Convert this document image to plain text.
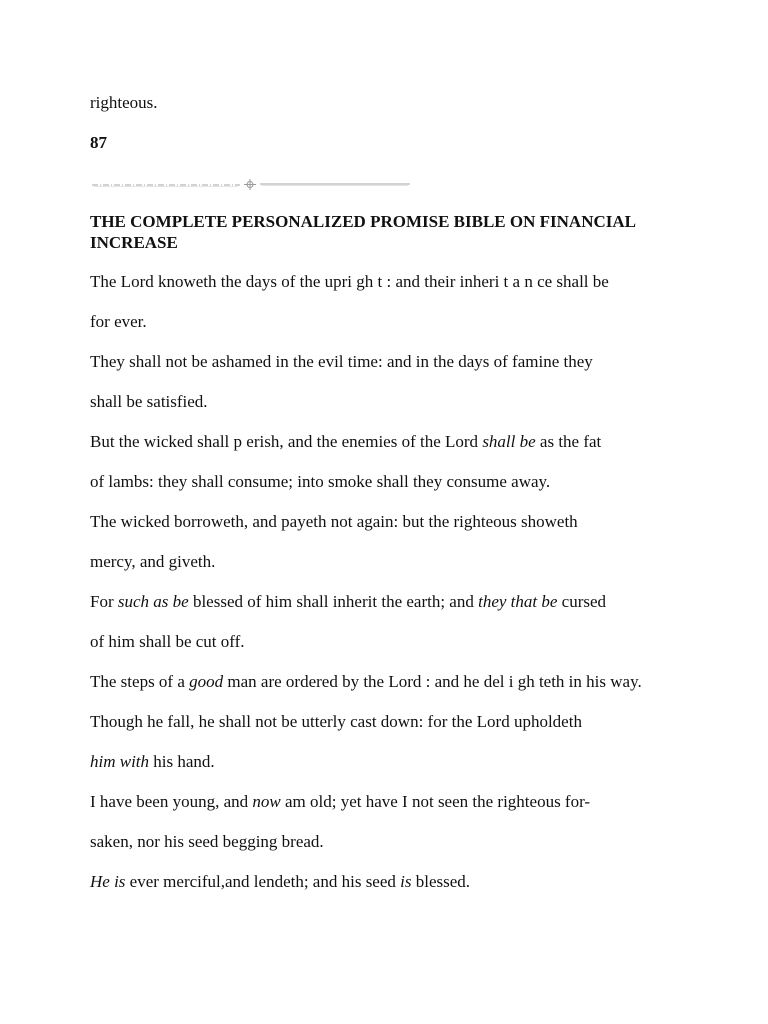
righteous.
87
THE COMPLETE PERSONALIZED PROMISE BIBLE ON FINANCIAL INCREASE
The Lord knoweth the days of the upri gh t : and their inheri t a n ce shall be
for ever.
They shall not be ashamed in the evil time: and in the days of famine they
shall be satisfied.
But the wicked shall p erish, and the enemies of the Lord shall be as the fat
of lambs: they shall consume; into smoke shall they consume away.
The wicked borroweth, and payeth not again: but the righteous showeth
mercy, and giveth.
For such as be blessed of him shall inherit the earth; and they that be cursed
of him shall be cut off.
The steps of a good man are ordered by the Lord : and he del i gh teth in his way.
Though he fall, he shall not be utterly cast down: for the Lord upholdeth
him with his hand.
I have been young, and now am old; yet have I not seen the righteous for-
saken, nor his seed begging bread.
He is ever merciful,and lendeth; and his seed is blessed.
